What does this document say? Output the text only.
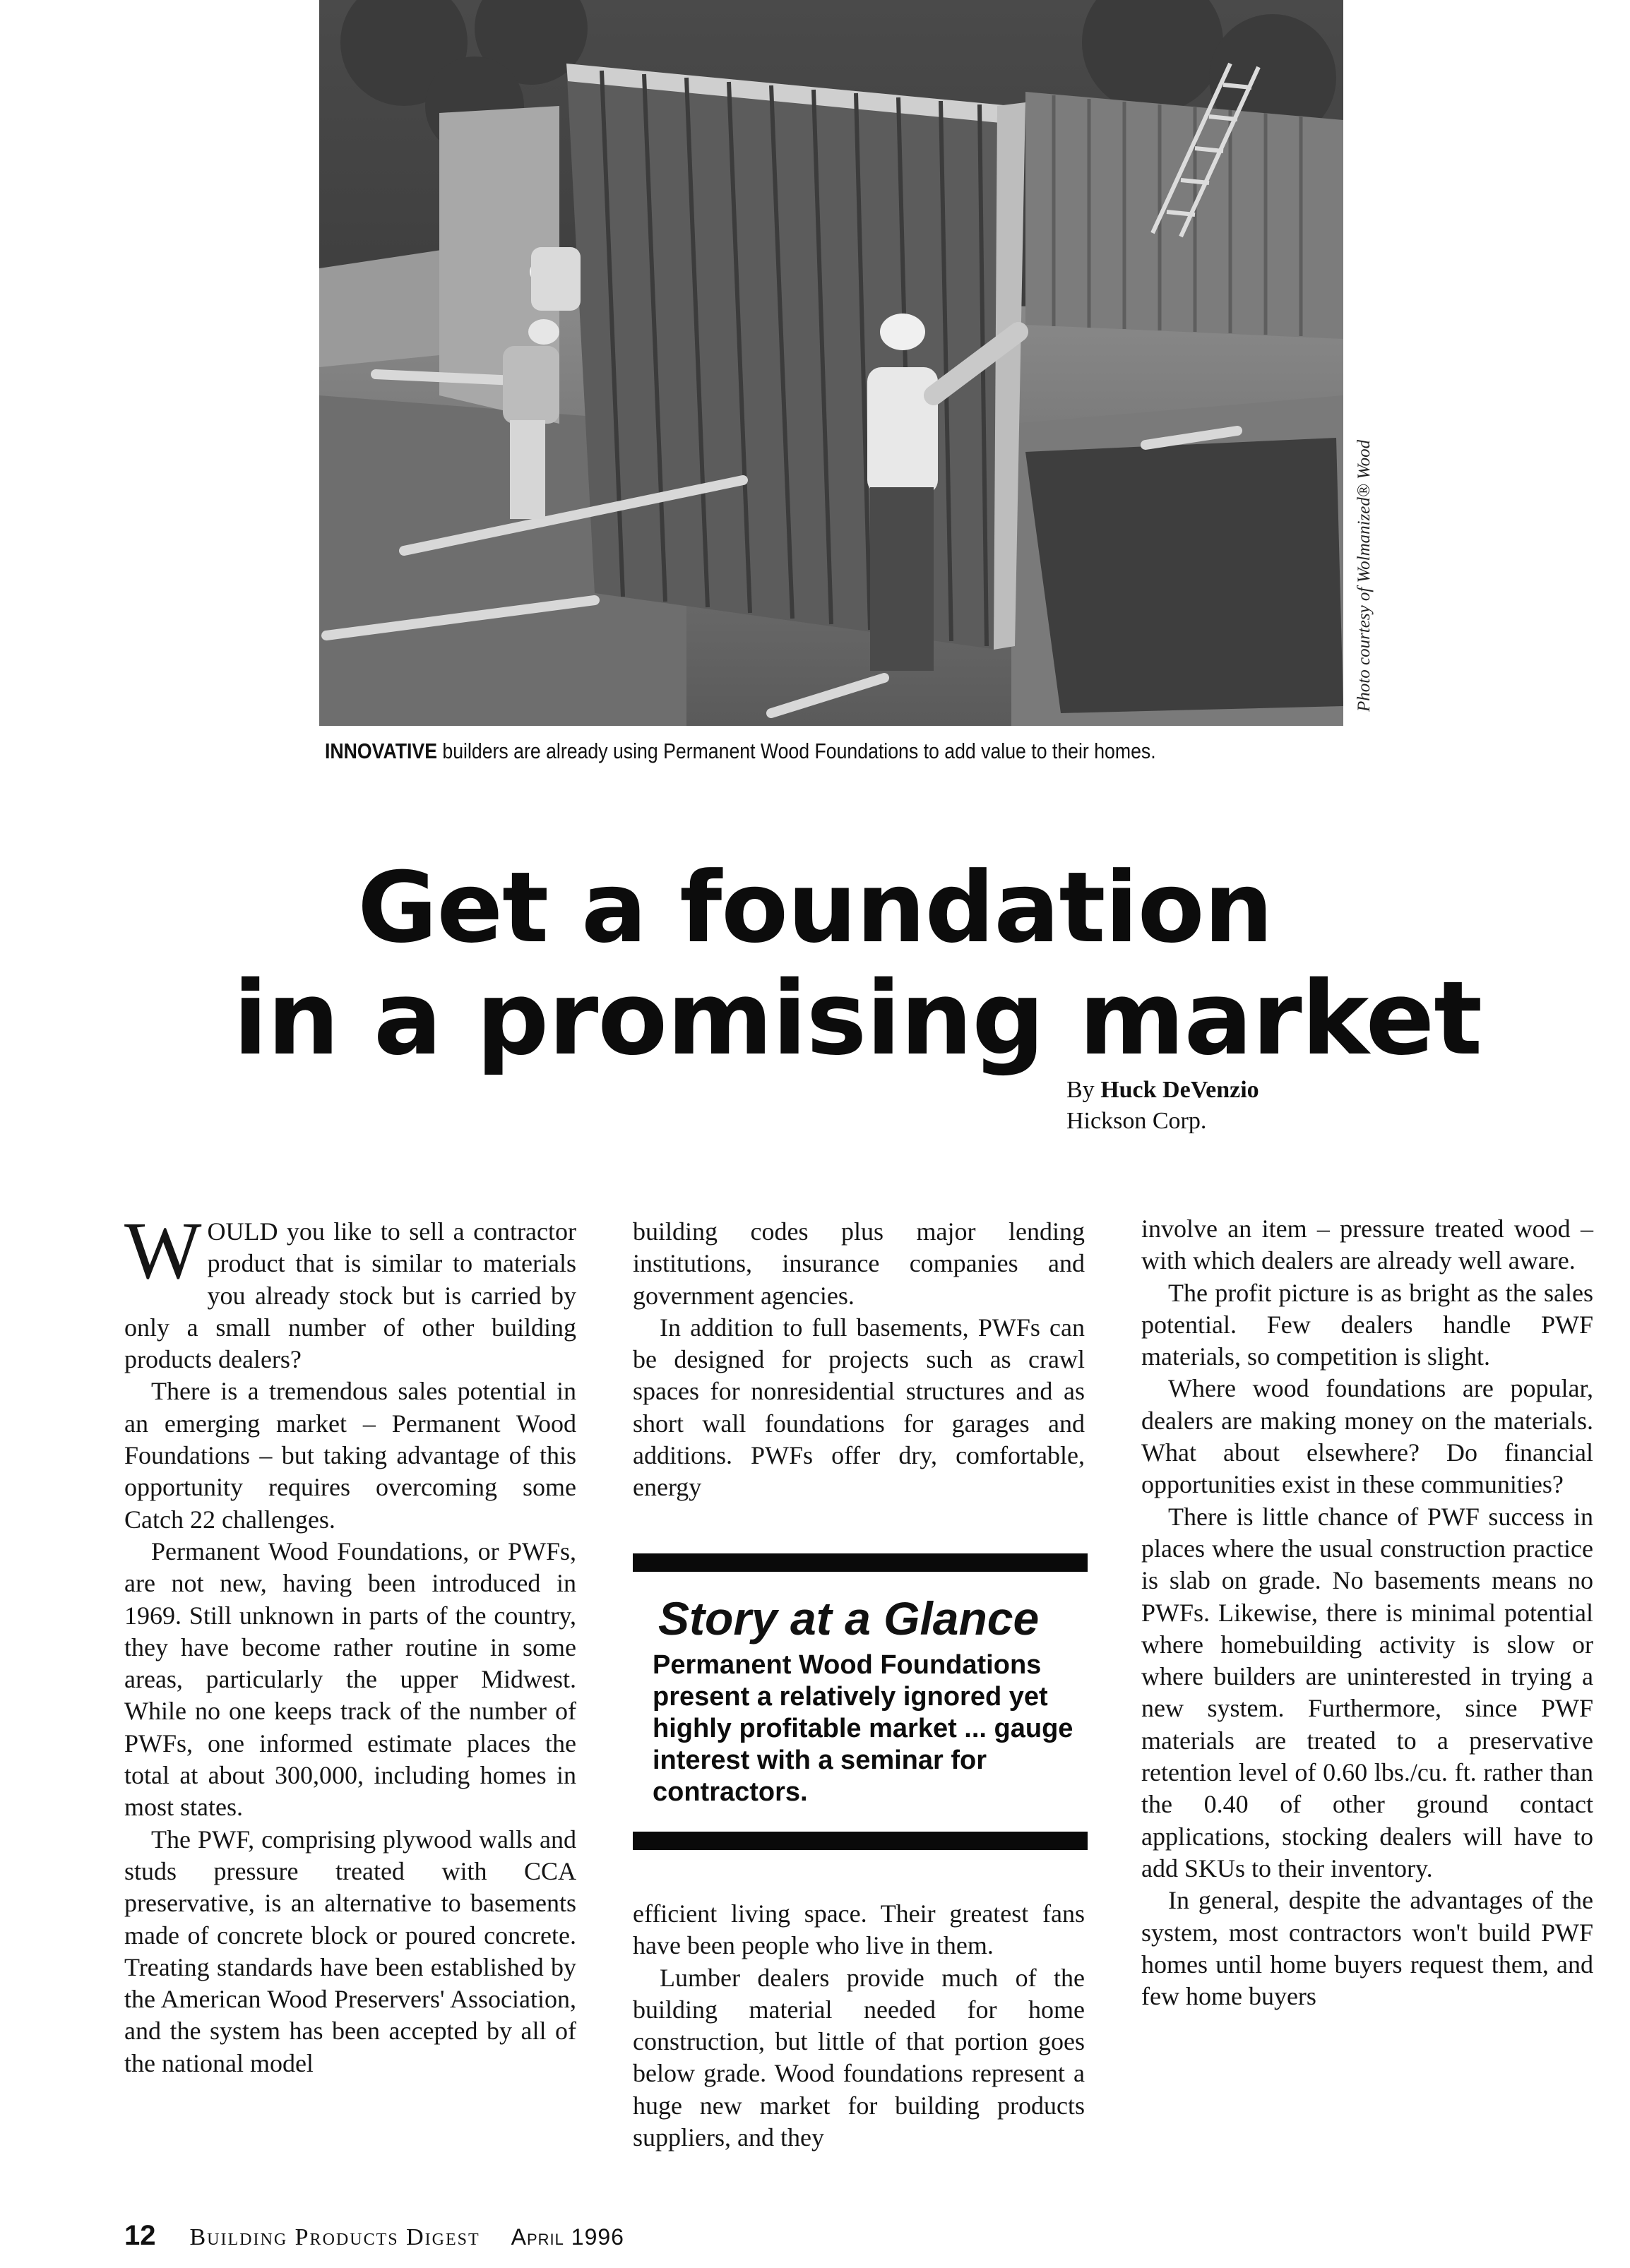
Photo courtesy of Wolmanized® Wood
INNOVATIVE builders are already using Permanent Wood Foundations to add value to their homes.
Get a foundation
in a promising market
By Huck DeVenzio
Hickson Corp.

WOULD you like to sell a contractor product that is similar to materials you already stock but is carried by only a small number of other building products dealers?

There is a tremendous sales potential in an emerging market – Permanent Wood Foundations – but taking advantage of this opportunity requires overcoming some Catch 22 challenges.

Permanent Wood Foundations, or PWFs, are not new, having been introduced in 1969. Still unknown in parts of the country, they have become rather routine in some areas, particularly the upper Midwest. While no one keeps track of the number of PWFs, one informed estimate places the total at about 300,000, including homes in most states.

The PWF, comprising plywood walls and studs pressure treated with CCA preservative, is an alternative to basements made of concrete block or poured concrete. Treating standards have been established by the American Wood Preservers' Association, and the system has been accepted by all of the national model

building codes plus major lending institutions, insurance companies and government agencies.

In addition to full basements, PWFs can be designed for projects such as crawl spaces for nonresidential structures and as short wall foundations for garages and additions. PWFs offer dry, comfortable, energy

Story at a Glance
Permanent Wood Foundations present a relatively ignored yet highly profitable market ... gauge interest with a seminar for contractors.

efficient living space. Their greatest fans have been people who live in them.

Lumber dealers provide much of the building material needed for home construction, but little of that portion goes below grade. Wood foundations represent a huge new market for building products suppliers, and they

involve an item – pressure treated wood – with which dealers are already well aware.

The profit picture is as bright as the sales potential. Few dealers handle PWF materials, so competition is slight.

Where wood foundations are popular, dealers are making money on the materials. What about elsewhere? Do financial opportunities exist in these communities?

There is little chance of PWF success in places where the usual construction practice is slab on grade. No basements means no PWFs. Likewise, there is minimal potential where homebuilding activity is slow or where builders are uninterested in trying a new system. Furthermore, since PWF materials are treated to a preservative retention level of 0.60 lbs./cu. ft. rather than the 0.40 of other ground contact applications, stocking dealers will have to add SKUs to their inventory.

In general, despite the advantages of the system, most contractors won't build PWF homes until home buyers request them, and few home buyers

12 Building Products Digest April 1996
